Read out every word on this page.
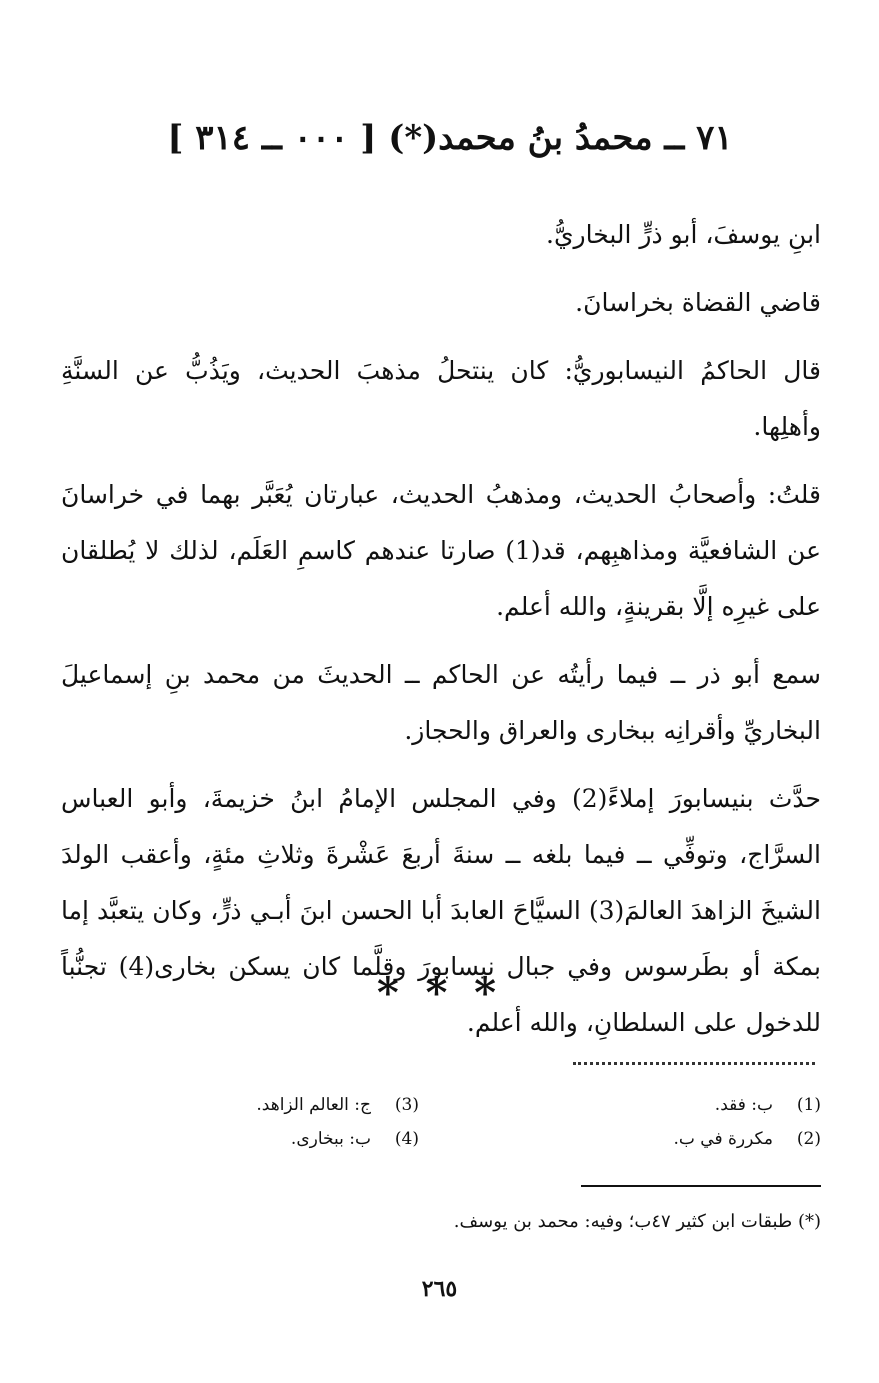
٧١ ــ محمدُ بنُ محمد(*) [ ٠٠٠ ــ ٣١٤ ]

ابنِ يوسفَ، أبو ذرٍّ البخاريُّ.

قاضي القضاة بخراسانَ.

قال الحاكمُ النيسابوريُّ: كان ينتحلُ مذهبَ الحديث، ويَذُبُّ عن السنَّةِ وأهلِها.

قلتُ: وأصحابُ الحديث، ومذهبُ الحديث، عبارتان يُعَبَّر بهما في خراسانَ عن الشافعيَّة ومذاهبِهم، قد(1) صارتا عندهم كاسمِ العَلَم، لذلك لا يُطلقان على غيرِه إلَّا بقرينةٍ، والله أعلم.

سمع أبو ذر ــ فيما رأيتُه عن الحاكم ــ الحديثَ من محمد بنِ إسماعيلَ البخاريِّ وأقرانِه ببخارى والعراق والحجاز.

حدَّث بنيسابورَ إملاءً(2) وفي المجلس الإمامُ ابنُ خزيمةَ، وأبو العباس السرَّاج، وتوفِّي ــ فيما بلغه ــ سنةَ أربعَ عَشْرةَ وثلاثِ مئةٍ، وأعقب الولدَ الشيخَ الزاهدَ العالمَ(3) السيَّاحَ العابدَ أبا الحسن ابنَ أبـي ذرٍّ، وكان يتعبَّد إما بمكة أو بطَرسوس وفي جبال نيسابورَ وقلَّما كان يسكن بخارى(4) تجنُّباً للدخول على السلطانِ، والله أعلم.

* * *
(1)
ب: فقد.
(2)
مكررة في ب.
(3)
ج: العالم الزاهد.
(4)
ب: ببخارى.
(*) طبقات ابن كثير ٤٧ب؛ وفيه: محمد بن يوسف.
٢٦٥
